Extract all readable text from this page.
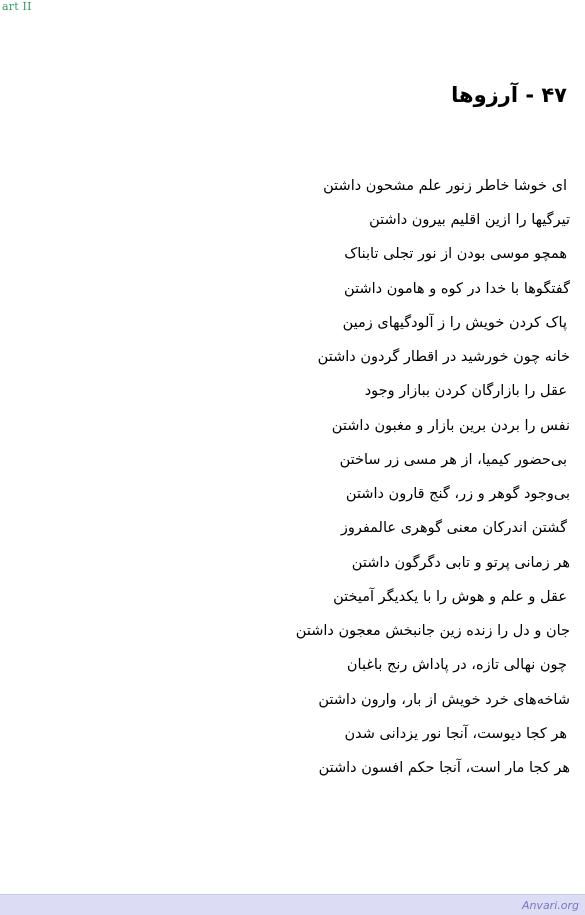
art II
۴۷ - آرزوها
ای خوشا خاطر زنور علم مشحون داشتن
تیرگیها را ازین اقلیم بیرون داشتن
همچو موسی بودن از نور تجلی تابناک
گفتگوها با خدا در کوه و هامون داشتن
پاک کردن خویش را ز آلودگیهای زمین
خانه چون خورشید در اقطار گردون داشتن
عقل را بازارگان کردن ببازار وجود
نفس را بردن برین بازار و مغبون داشتن
بی‌حضور کیمیا، از هر مسی زر ساختن
بی‌وجود گوهر و زر، گنج قارون داشتن
گشتن اندرکان معنی گوهری عالمفروز
هر زمانی پرتو و تابی دگرگون داشتن
عقل و علم و هوش را با یکدیگر آمیختن
جان و دل را زنده زین جانبخش معجون داشتن
چون نهالی تازه، در پاداش رنج باغبان
شاخه‌های خرد خویش از بار، وارون داشتن
هر کجا دیوست، آنجا نور یزدانی شدن
هر کجا مار است، آنجا حکم افسون داشتن
Anvari.org
